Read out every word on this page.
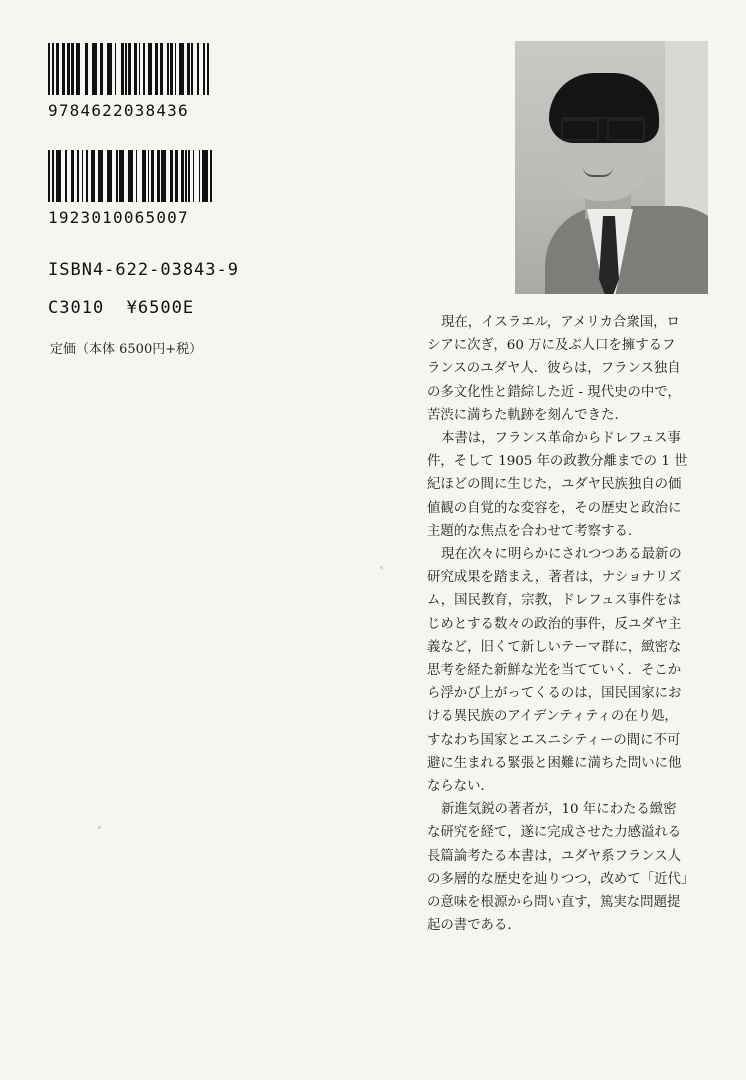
9784622038436
1923010065007
ISBN4-622-03843-9
C3010  ¥6500E
定価（本体 6500円+税）

現在，イスラエル，アメリカ合衆国，ロ

シアに次ぎ，60 万に及ぶ人口を擁するフ

ランスのユダヤ人．彼らは，フランス独自

の多文化性と錯綜した近 - 現代史の中で，

苦渋に満ちた軌跡を刻んできた．

本書は，フランス革命からドレフュス事

件，そして 1905 年の政教分離までの 1 世

紀ほどの間に生じた，ユダヤ民族独自の価

値観の自覚的な変容を，その歴史と政治に

主題的な焦点を合わせて考察する．

現在次々に明らかにされつつある最新の

研究成果を踏まえ，著者は，ナショナリズ

ム，国民教育，宗教，ドレフュス事件をは

じめとする数々の政治的事件，反ユダヤ主

義など，旧くて新しいテーマ群に，緻密な

思考を経た新鮮な光を当てていく．そこか

ら浮かび上がってくるのは，国民国家にお

ける異民族のアイデンティティの在り処，

すなわち国家とエスニシティーの間に不可

避に生まれる緊張と困難に満ちた問いに他

ならない．

新進気鋭の著者が，10 年にわたる緻密

な研究を経て，遂に完成させた力感溢れる

長篇論考たる本書は，ユダヤ系フランス人

の多層的な歴史を辿りつつ，改めて「近代」

の意味を根源から問い直す，篤実な問題提

起の書である．
